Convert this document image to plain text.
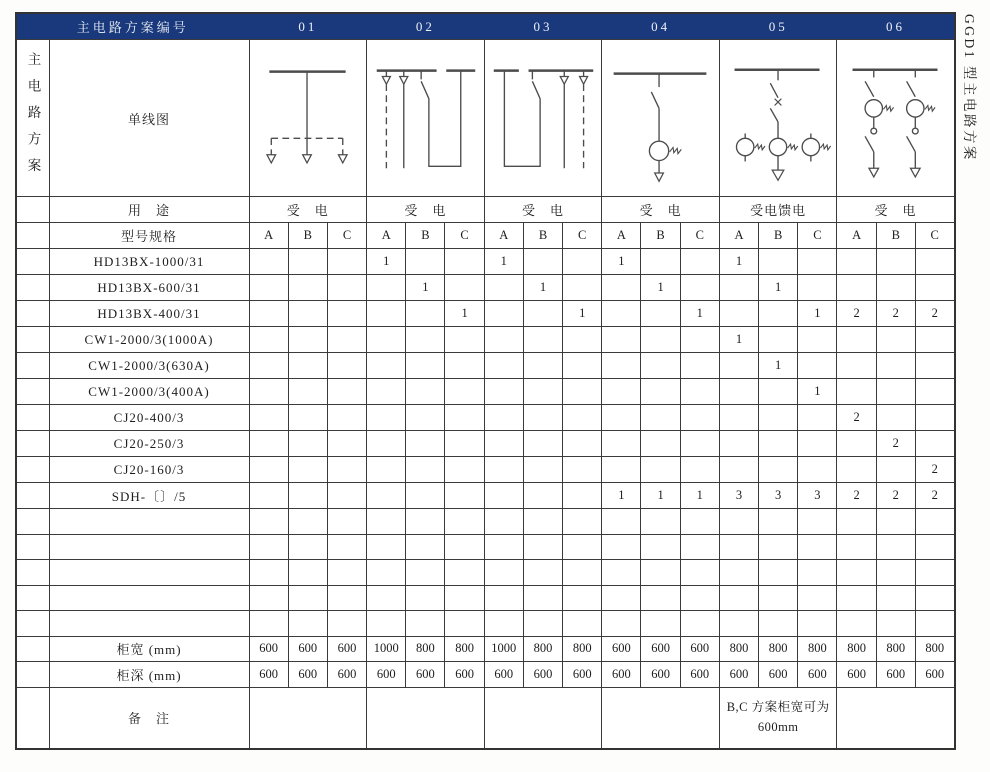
主电路方案编号		01			02			03			04			05			06		

主电路方案	单线图	

	用　途	受　电			受　电			受　电			受　电			受电馈电			受　电		
	型号规格	A	B	C	A	B	C	A	B	C	A	B	C	A	B	C	A	B	C
	HD13BX-1000/31				1			1			1			1					
	HD13BX-600/31					1			1			1			1				
	HD13BX-400/31						1			1			1			1	2	2	2
	CW1-2000/3(1000A)													1					
	CW1-2000/3(630A)														1				
	CW1-2000/3(400A)															1			
	CJ20-400/3																2		
	CJ20-250/3																	2	
	CJ20-160/3																		2
	SDH-〔〕/5										1	1	1	3	3	3	2	2	2

	柜宽 (mm)	600	600	600	1000	800	800	1000	800	800	600	600	600	800	800	800	800	800	800
	柜深 (mm)	600	600	600	600	600	600	600	600	600	600	600	600	600	600	600	600	600	600
	备　注													B,C 方案柜宽可为 600mm					
GGD1 型主电路方案
